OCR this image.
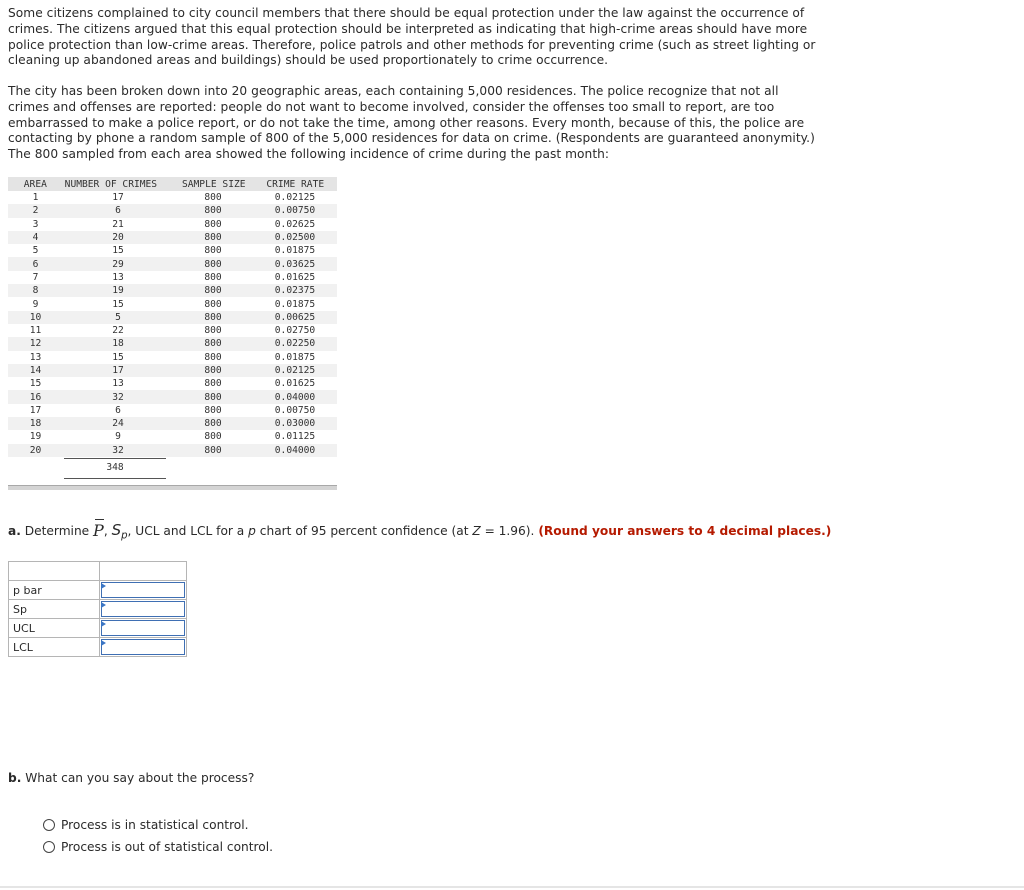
Some citizens complained to city council members that there should be equal protection under the law against the occurrence of crimes. The citizens argued that this equal protection should be interpreted as indicating that high-crime areas should have more police protection than low-crime areas. Therefore, police patrols and other methods for preventing crime (such as street lighting or cleaning up abandoned areas and buildings) should be used proportionately to crime occurrence.
The city has been broken down into 20 geographic areas, each containing 5,000 residences. The police recognize that not all crimes and offenses are reported: people do not want to become involved, consider the offenses too small to report, are too embarrassed to make a police report, or do not take the time, among other reasons. Every month, because of this, the police are contacting by phone a random sample of 800 of the 5,000 residences for data on crime. (Respondents are guaranteed anonymity.) The 800 sampled from each area showed the following incidence of crime during the past month:
AREA	NUMBER OF CRIMES	SAMPLE SIZE	CRIME RATE
1	17	800	0.02125
2	6	800	0.00750
3	21	800	0.02625
4	20	800	0.02500
5	15	800	0.01875
6	29	800	0.03625
7	13	800	0.01625
8	19	800	0.02375
9	15	800	0.01875
10	5	800	0.00625
11	22	800	0.02750
12	18	800	0.02250
13	15	800	0.01875
14	17	800	0.02125
15	13	800	0.01625
16	32	800	0.04000
17	6	800	0.00750
18	24	800	0.03000
19	9	800	0.01125
20	32	800	0.04000
348
a. Determine P, $S_p$, UCL and LCL for a p chart of 95 percent confidence (at Z = 1.96). (Round your answers to 4 decimal places.)

p bar	

Sp	

UCL	

LCL	
b. What can you say about the process?
Process is in statistical control.
Process is out of statistical control.
